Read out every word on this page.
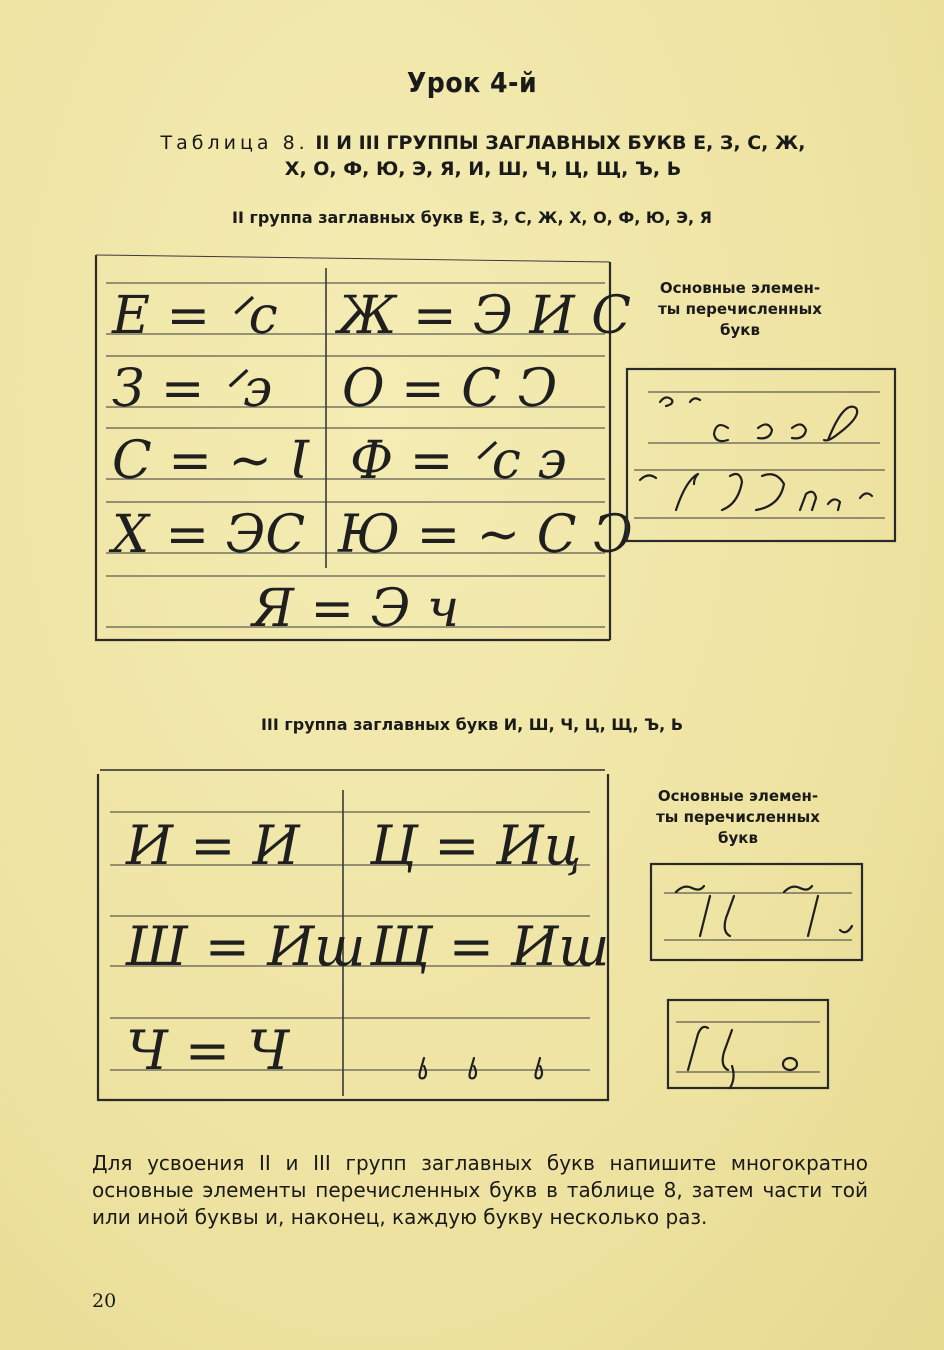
Урок 4-й
Таблица 8. II И III ГРУППЫ ЗАГЛАВНЫХ БУКВ Е, З, С, Ж,
Х, О, Ф, Ю, Э, Я, И, Ш, Ч, Ц, Щ, Ъ, Ь
II группа заглавных букв Е, З, С, Ж, Х, О, Ф, Ю, Э, Я
Е = ᐟс Ж = Э И С
З = ᐟэ О = С Ͻ
С = ~ Ɩ Ф = ᐟс э
Х = ЭС Ю = ~ С Ͻ
Я = Э ч
Основные элемен-
ты перечисленных
букв
III группа заглавных букв И, Ш, Ч, Ц, Щ, Ъ, Ь
И = И Ц = Иц
Ш = Иш Щ = Иш
Ч = Ч
Основные элемен-
ты перечисленных
букв
Для усвоения II и III групп заглавных букв напишите многократно основные элементы перечисленных букв в таблице 8, затем части той или иной буквы и, наконец, каждую букву несколько раз.
20
